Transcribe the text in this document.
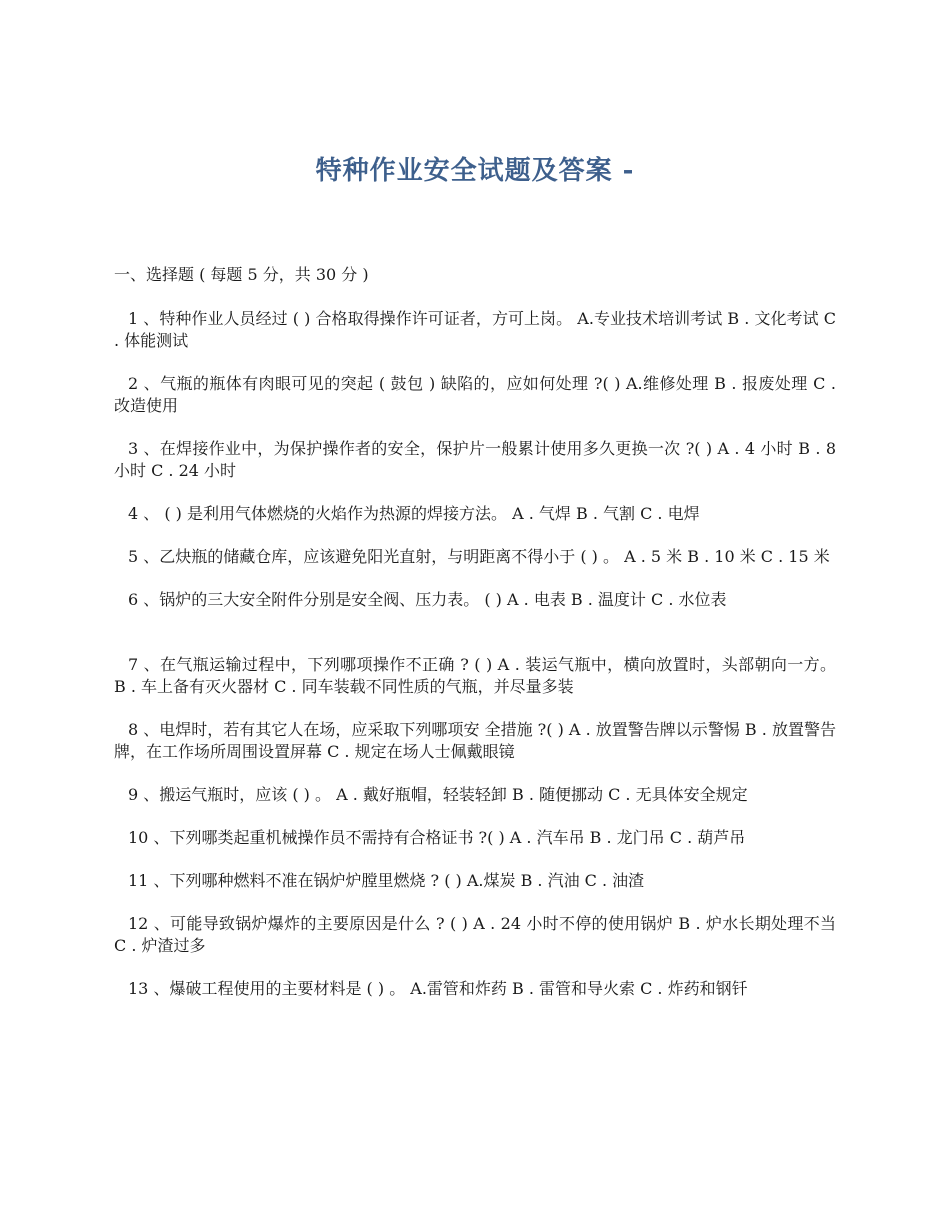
特种作业安全试题及答案 -
一、选择题 ( 每题 5 分，共 30 分 )
1 、特种作业人员经过 ( ) 合格取得操作许可证者，方可上岗。 A.专业技术培训考试 B . 文化考试 C . 体能测试
2 、气瓶的瓶体有肉眼可见的突起 ( 鼓包 ) 缺陷的，应如何处理 ?( ) A.维修处理 B . 报废处理 C . 改造使用
3 、在焊接作业中，为保护操作者的安全，保护片一般累计使用多久更换一次 ?( ) A . 4 小时 B . 8 小时 C . 24 小时
4 、 ( ) 是利用气体燃烧的火焰作为热源的焊接方法。 A . 气焊 B . 气割 C . 电焊
5 、乙炔瓶的储藏仓库，应该避免阳光直射，与明距离不得小于 ( ) 。 A . 5 米 B . 10 米 C . 15 米
6 、锅炉的三大安全附件分别是安全阀、压力表。 ( ) A . 电表 B . 温度计 C . 水位表
7 、在气瓶运输过程中，下列哪项操作不正确 ? ( ) A . 装运气瓶中，横向放置时，头部朝向一方。 B . 车上备有灭火器材 C . 同车装载不同性质的气瓶，并尽量多装
8 、电焊时，若有其它人在场，应采取下列哪项安 全措施 ?( ) A . 放置警告牌以示警惕 B . 放置警告牌，在工作场所周围设置屏幕 C . 规定在场人士佩戴眼镜
9 、搬运气瓶时，应该 ( ) 。 A . 戴好瓶帽，轻装轻卸 B . 随便挪动 C . 无具体安全规定
10 、下列哪类起重机械操作员不需持有合格证书 ?( ) A . 汽车吊 B . 龙门吊 C . 葫芦吊
11 、下列哪种燃料不准在锅炉炉膛里燃烧 ? ( ) A.煤炭 B . 汽油 C . 油渣
12 、可能导致锅炉爆炸的主要原因是什么 ? ( ) A . 24 小时不停的使用锅炉 B . 炉水长期处理不当 C . 炉渣过多
13 、爆破工程使用的主要材料是 ( ) 。 A.雷管和炸药 B . 雷管和导火索 C . 炸药和钢钎
